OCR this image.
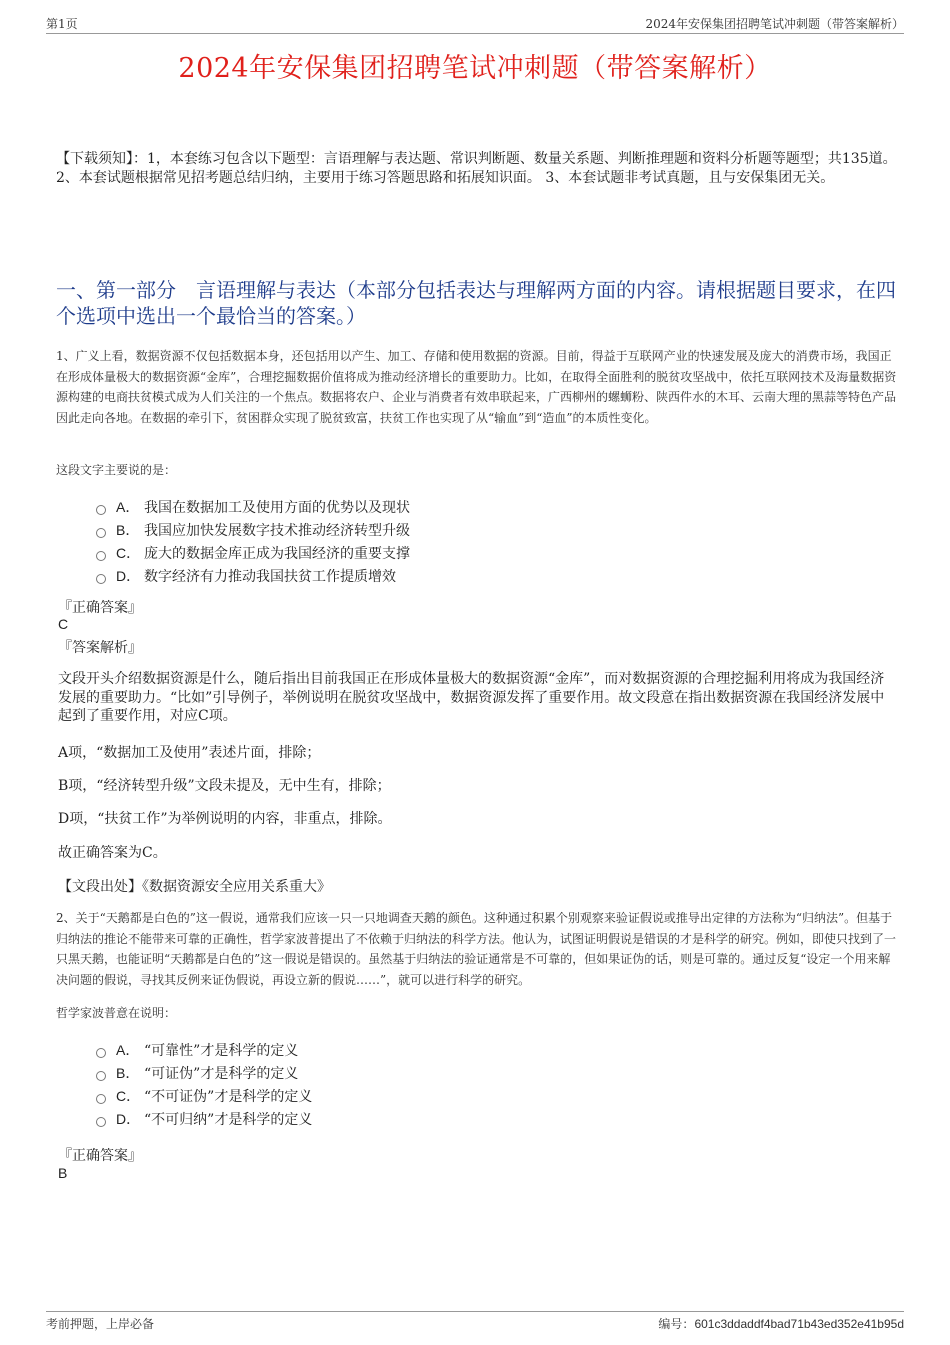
第1页	2024年安保集团招聘笔试冲刺题（带答案解析）
2024年安保集团招聘笔试冲刺题（带答案解析）
【下载须知】：1，本套练习包含以下题型：言语理解与表达题、常识判断题、数量关系题、判断推理题和资料分析题等题型；共135道。 2、本套试题根据常见招考题总结归纳，主要用于练习答题思路和拓展知识面。 3、本套试题非考试真题，且与安保集团无关。
一、第一部分　言语理解与表达（本部分包括表达与理解两方面的内容。请根据题目要求，在四个选项中选出一个最恰当的答案。）
1、广义上看，数据资源不仅包括数据本身，还包括用以产生、加工、存储和使用数据的资源。目前，得益于互联网产业的快速发展及庞大的消费市场，我国正在形成体量极大的数据资源“金库”，合理挖掘数据价值将成为推动经济增长的重要助力。比如，在取得全面胜利的脱贫攻坚战中，依托互联网技术及海量数据资源构建的电商扶贫模式成为人们关注的一个焦点。数据将农户、企业与消费者有效串联起来，广西柳州的螺蛳粉、陕西件水的木耳、云南大理的黑蒜等特色产品因此走向各地。在数据的牵引下，贫困群众实现了脱贫致富，扶贫工作也实现了从“输血”到“造血”的本质性变化。
这段文字主要说的是：
A． 我国在数据加工及使用方面的优势以及现状
B． 我国应加快发展数字技术推动经济转型升级
C． 庞大的数据金库正成为我国经济的重要支撑
D． 数字经济有力推动我国扶贫工作提质增效
『正确答案』
C
『答案解析』
文段开头介绍数据资源是什么，随后指出目前我国正在形成体量极大的数据资源“金库”，而对数据资源的合理挖掘利用将成为我国经济发展的重要助力。“比如”引导例子，举例说明在脱贫攻坚战中，数据资源发挥了重要作用。故文段意在指出数据资源在我国经济发展中起到了重要作用，对应C项。
A项，“数据加工及使用”表述片面，排除；
B项，“经济转型升级”文段未提及，无中生有，排除；
D项，“扶贫工作”为举例说明的内容，非重点，排除。
故正确答案为C。
【文段出处】《数据资源安全应用关系重大》
2、关于“天鹅都是白色的”这一假说，通常我们应该一只一只地调查天鹅的颜色。这种通过积累个别观察来验证假说或推导出定律的方法称为“归纳法”。但基于归纳法的推论不能带来可靠的正确性，哲学家波普提出了不依赖于归纳法的科学方法。他认为，试图证明假说是错误的才是科学的研究。例如，即使只找到了一只黑天鹅，也能证明“天鹅都是白色的”这一假说是错误的。虽然基于归纳法的验证通常是不可靠的，但如果证伪的话，则是可靠的。通过反复“设定一个用来解决问题的假说，寻找其反例来证伪假说，再设立新的假说……”，就可以进行科学的研究。
哲学家波普意在说明：
A． “可靠性”才是科学的定义
B． “可证伪”才是科学的定义
C． “不可证伪”才是科学的定义
D． “不可归纳”才是科学的定义
『正确答案』
B
考前押题，上岸必备	编号：601c3ddaddf4bad71b43ed352e41b95d
